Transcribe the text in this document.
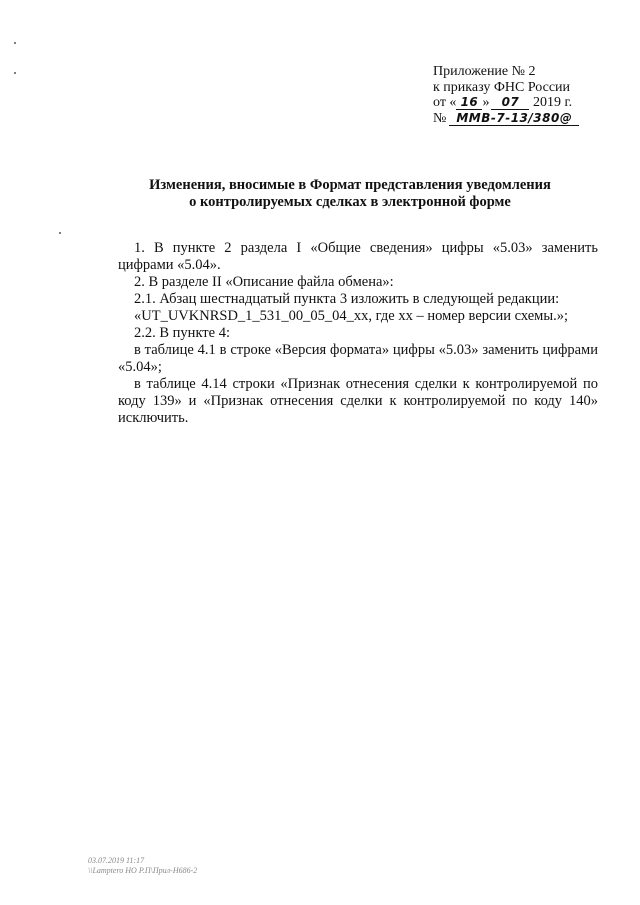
Приложение № 2
к приказу ФНС России
от « 16 » 07 2019 г.
№ ММВ-7-13/380@
Изменения, вносимые в Формат представления уведомления
о контролируемых сделках в электронной форме

1. В пункте 2 раздела I «Общие сведения» цифры «5.03» заменить цифрами «5.04».

2. В разделе II «Описание файла обмена»:

2.1. Абзац шестнадцатый пункта 3 изложить в следующей редакции:

«UT_UVKNRSD_1_531_00_05_04_xx, где xx – номер версии схемы.»;

2.2. В пункте 4:

в таблице 4.1 в строке «Версия формата» цифры «5.03» заменить цифрами «5.04»;

в таблице 4.14 строки «Признак отнесения сделки к контролируемой по коду 139» и «Признак отнесения сделки к контролируемой по коду 140» исключить.

03.07.2019 11:17
\\Lamptero НО Р.П\Прил-Н686-2
